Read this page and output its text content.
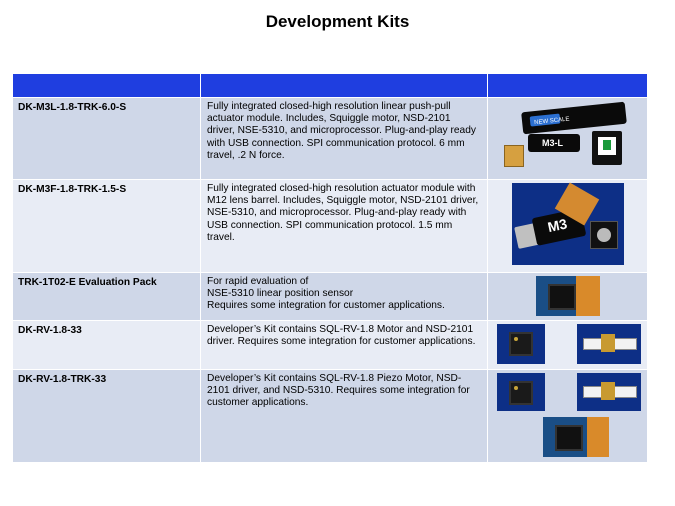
Development Kits

DK-M3L-1.8-TRK-6.0-S	Fully integrated closed-high resolution linear push-pull actuator module. Includes, Squiggle motor, NSD-2101 driver, NSE-5310, and microprocessor. Plug-and-play ready with USB connection. SPI communication protocol. 6 mm travel, .2 N force.	NEW SCALE
M3-L

DK-M3F-1.8-TRK-1.5-S	Fully integrated closed-high resolution actuator module with M12 lens barrel. Includes, Squiggle motor, NSD-2101 driver, NSE-5310, and microprocessor. Plug-and-play ready with USB connection. SPI communication protocol. 1.5 mm travel.	M3

TRK-1T02-E Evaluation Pack	For rapid evaluation of
NSE-5310 linear position sensor
Requires some integration for customer applications.	

DK-RV-1.8-33	Developer’s Kit contains SQL-RV-1.8 Motor and NSD-2101 driver. Requires some integration for customer applications.	

DK-RV-1.8-TRK-33	Developer’s Kit contains SQL-RV-1.8 Piezo Motor, NSD-2101 driver, and NSD-5310. Requires some integration for customer applications.	
